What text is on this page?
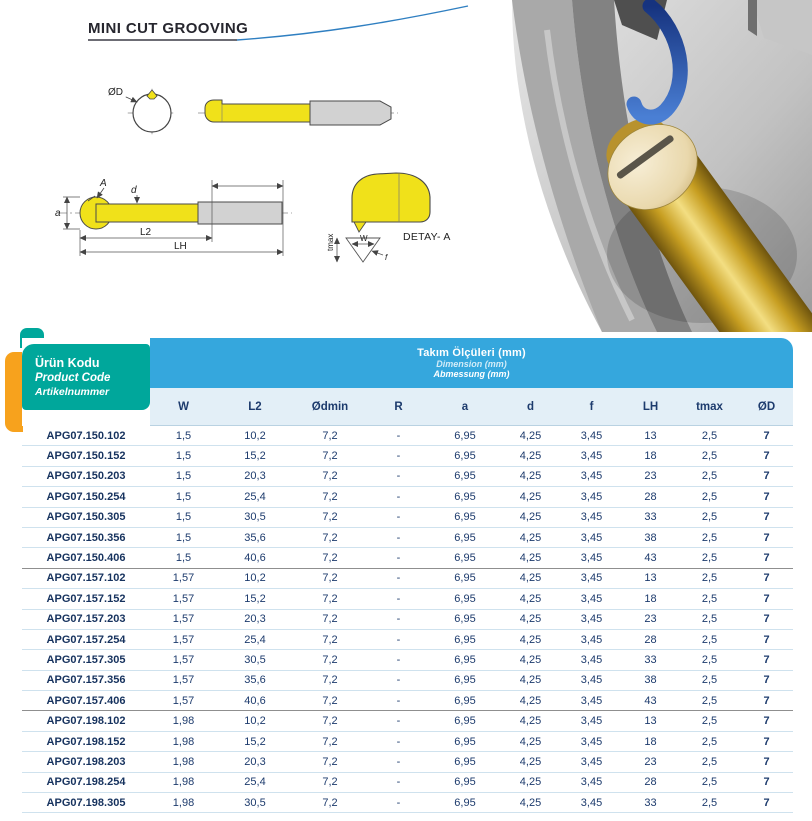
MINI CUT GROOVING
ØD
A
a
d
L2
LH	tmax	W
f
DETAY- A
Ürün Kodu
Product Code
Artikelnummer

Takım Ölçüleri (mm)
Dimension (mm)
Abmessung (mm)

	W	L2	Ødmin	R	a	d	f	LH	tmax	ØD
APG07.150.102	1,5	10,2	7,2	-	6,95	4,25	3,45	13	2,5	7
APG07.150.152	1,5	15,2	7,2	-	6,95	4,25	3,45	18	2,5	7
APG07.150.203	1,5	20,3	7,2	-	6,95	4,25	3,45	23	2,5	7
APG07.150.254	1,5	25,4	7,2	-	6,95	4,25	3,45	28	2,5	7
APG07.150.305	1,5	30,5	7,2	-	6,95	4,25	3,45	33	2,5	7
APG07.150.356	1,5	35,6	7,2	-	6,95	4,25	3,45	38	2,5	7
APG07.150.406	1,5	40,6	7,2	-	6,95	4,25	3,45	43	2,5	7
APG07.157.102	1,57	10,2	7,2	-	6,95	4,25	3,45	13	2,5	7
APG07.157.152	1,57	15,2	7,2	-	6,95	4,25	3,45	18	2,5	7
APG07.157.203	1,57	20,3	7,2	-	6,95	4,25	3,45	23	2,5	7
APG07.157.254	1,57	25,4	7,2	-	6,95	4,25	3,45	28	2,5	7
APG07.157.305	1,57	30,5	7,2	-	6,95	4,25	3,45	33	2,5	7
APG07.157.356	1,57	35,6	7,2	-	6,95	4,25	3,45	38	2,5	7
APG07.157.406	1,57	40,6	7,2	-	6,95	4,25	3,45	43	2,5	7
APG07.198.102	1,98	10,2	7,2	-	6,95	4,25	3,45	13	2,5	7
APG07.198.152	1,98	15,2	7,2	-	6,95	4,25	3,45	18	2,5	7
APG07.198.203	1,98	20,3	7,2	-	6,95	4,25	3,45	23	2,5	7
APG07.198.254	1,98	25,4	7,2	-	6,95	4,25	3,45	28	2,5	7
APG07.198.305	1,98	30,5	7,2	-	6,95	4,25	3,45	33	2,5	7
